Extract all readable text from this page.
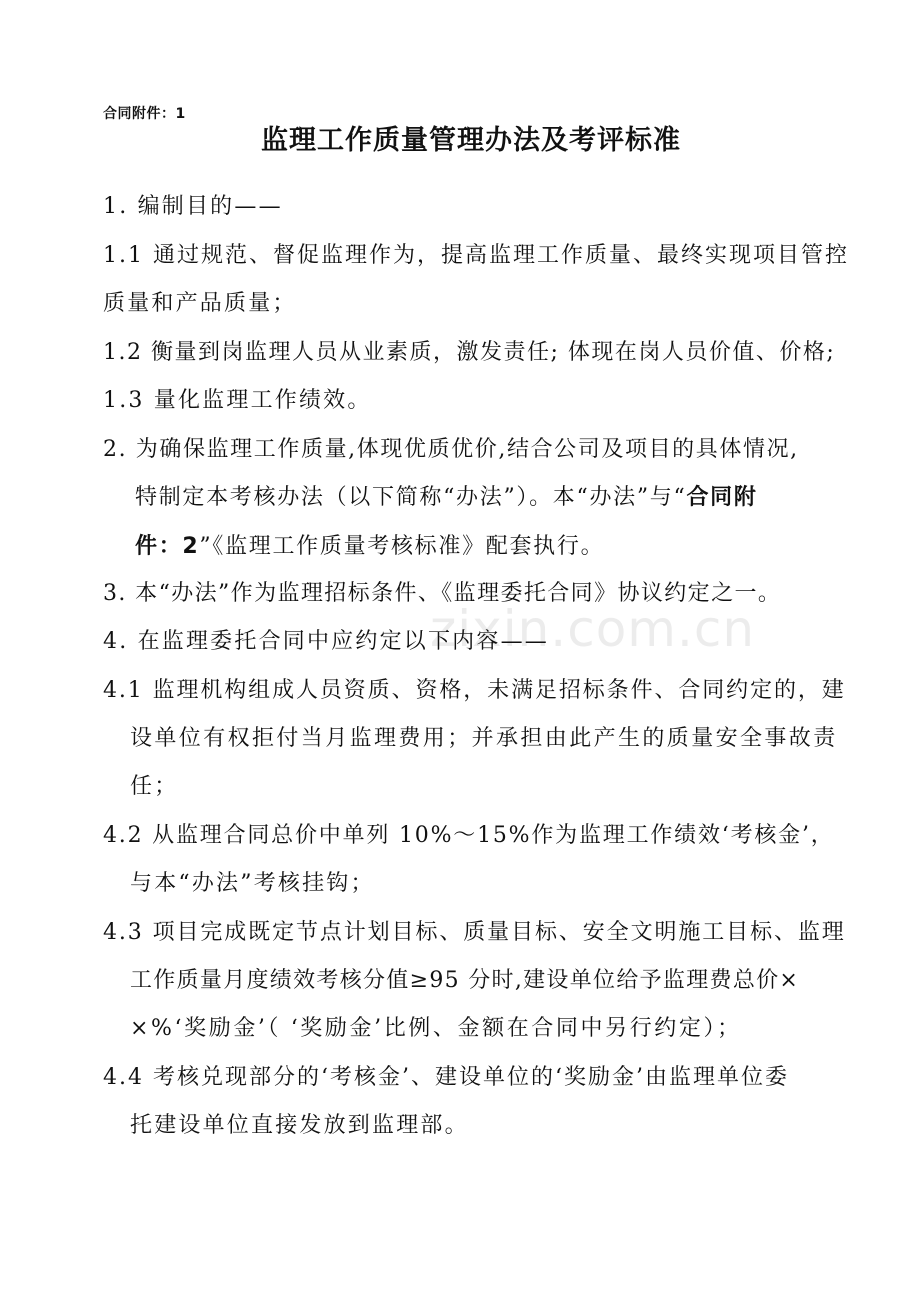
合同附件：1
监理工作质量管理办法及考评标准
zixin.com.cn
1. 编制目的——
1.1 通过规范、督促监理作为，提高监理工作质量、最终实现项目管控
质量和产品质量；
1.2 衡量到岗监理人员从业素质，激发责任; 体现在岗人员价值、价格;
1.3 量化监理工作绩效。
2. 为确保监理工作质量,体现优质优价,结合公司及项目的具体情况,
特制定本考核办法（以下简称“办法”）。本“办法”与“合同附
件：2”《监理工作质量考核标准》配套执行。
3. 本“办法”作为监理招标条件、《监理委托合同》协议约定之一。
4. 在监理委托合同中应约定以下内容——
4.1 监理机构组成人员资质、资格，未满足招标条件、合同约定的，建
设单位有权拒付当月监理费用；并承担由此产生的质量安全事故责
任；
4.2 从监理合同总价中单列 10%～15%作为监理工作绩效‘考核金’，
与本“办法”考核挂钩；
4.3 项目完成既定节点计划目标、质量目标、安全文明施工目标、监理
工作质量月度绩效考核分值≥95 分时,建设单位给予监理费总价×
×%‘奖励金’（ ‘奖励金’比例、金额在合同中另行约定）；
4.4 考核兑现部分的‘考核金’、建设单位的‘奖励金’由监理单位委
托建设单位直接发放到监理部。
